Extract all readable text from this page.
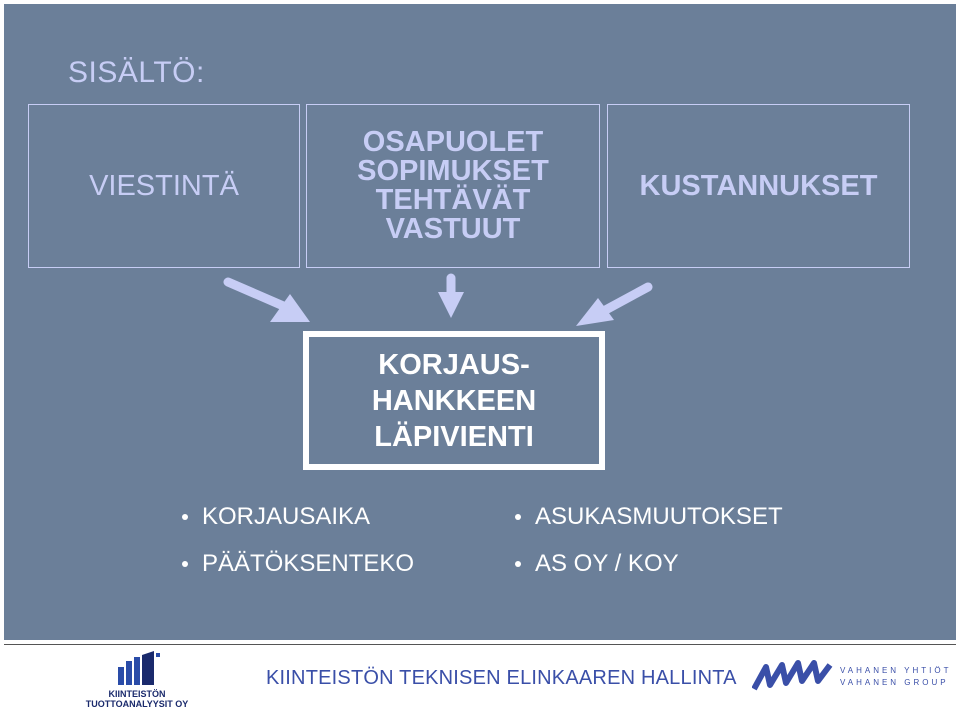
SISÄLTÖ:
VIESTINTÄ
OSAPUOLET
SOPIMUKSET
TEHTÄVÄT
VASTUUT
KUSTANNUKSET
KORJAUS-
HANKKEEN
LÄPIVIENTI
KORJAUSAIKA
PÄÄTÖKSENTEKO
ASUKASMUUTOKSET
AS OY / KOY
KIINTEISTÖN
TUOTTOANALYYSIT OY
KIINTEISTÖN TEKNISEN ELINKAAREN HALLINTA	VAHANEN YHTIÖT
VAHANEN GROUP
